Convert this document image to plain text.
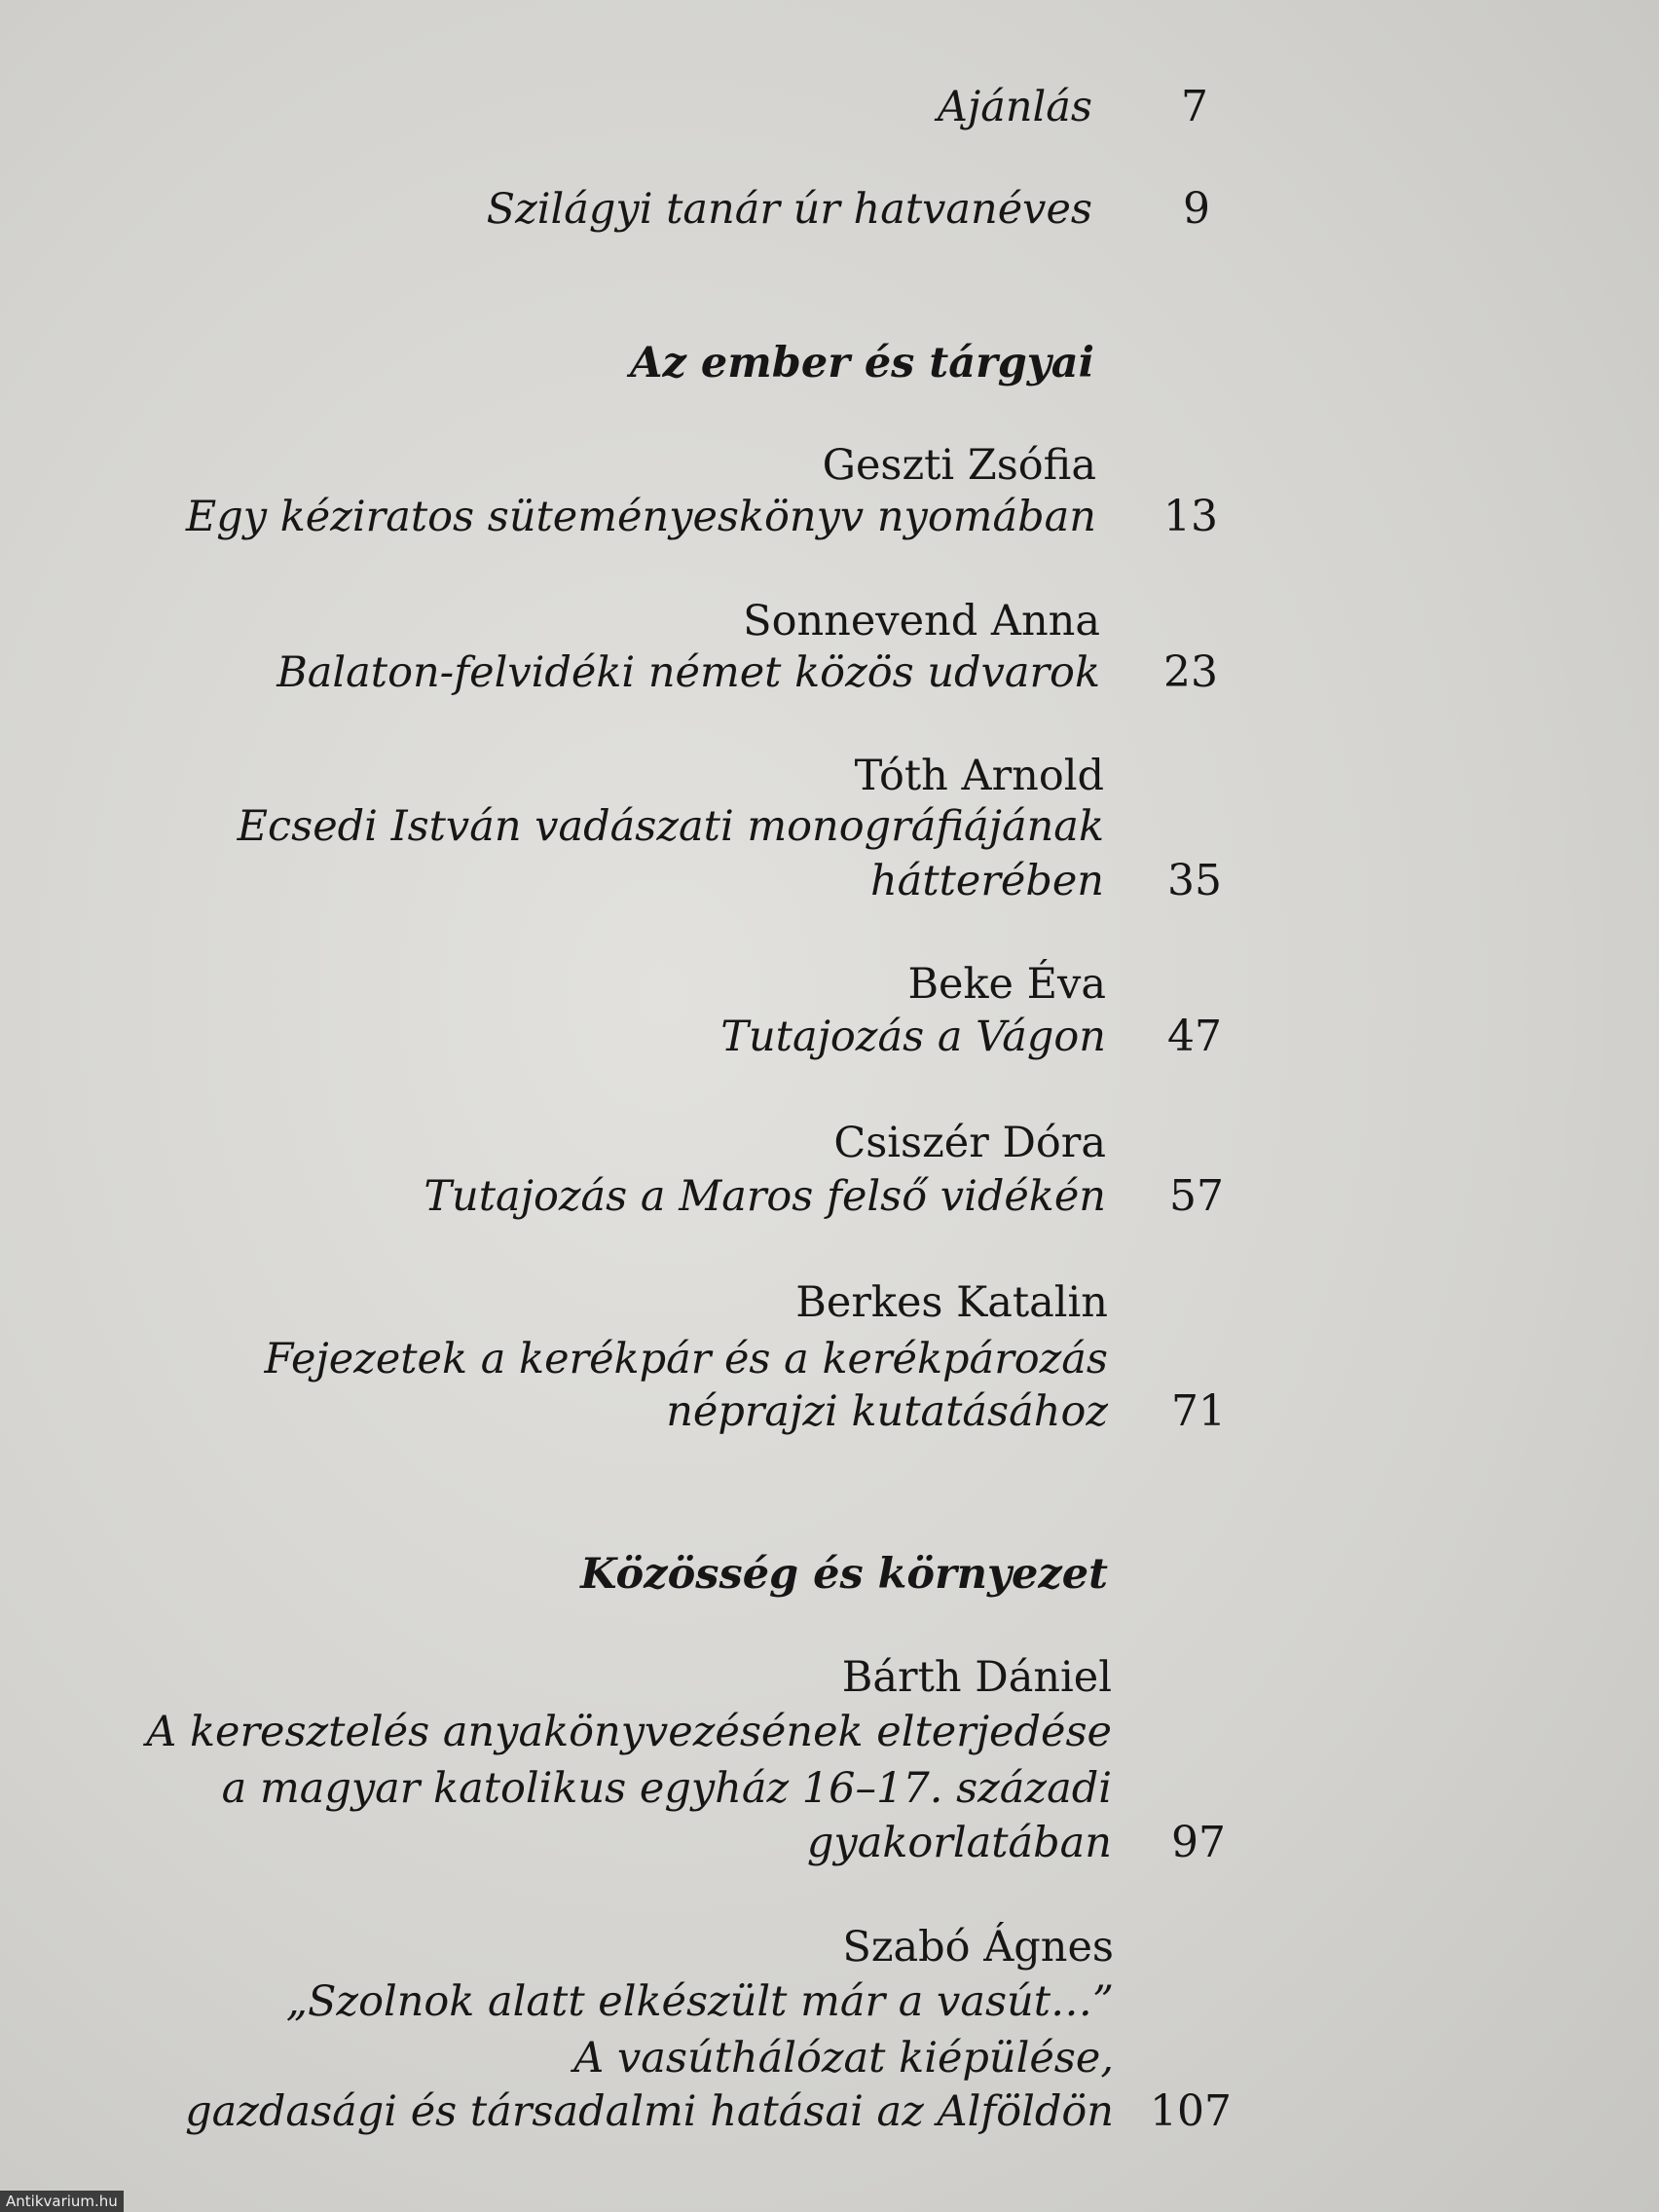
Ajánlás	7
Szilágyi tanár úr hatvanéves	9
Az ember és tárgyai
Geszti Zsófia
Egy kéziratos süteményeskönyv nyomában	13
Sonnevend Anna
Balaton-felvidéki német közös udvarok	23
Tóth Arnold
Ecsedi István vadászati monográfiájának
hátterében	35
Beke Éva
Tutajozás a Vágon	47
Csiszér Dóra
Tutajozás a Maros felső vidékén	57
Berkes Katalin
Fejezetek a kerékpár és a kerékpározás
néprajzi kutatásához	71
Közösség és környezet
Bárth Dániel
A keresztelés anyakönyvezésének elterjedése
a magyar katolikus egyház 16–17. századi
gyakorlatában	97
Szabó Ágnes
„Szolnok alatt elkészült már a vasút…”
A vasúthálózat kiépülése,
gazdasági és társadalmi hatásai az Alföldön 107
Antikvarium.hu
